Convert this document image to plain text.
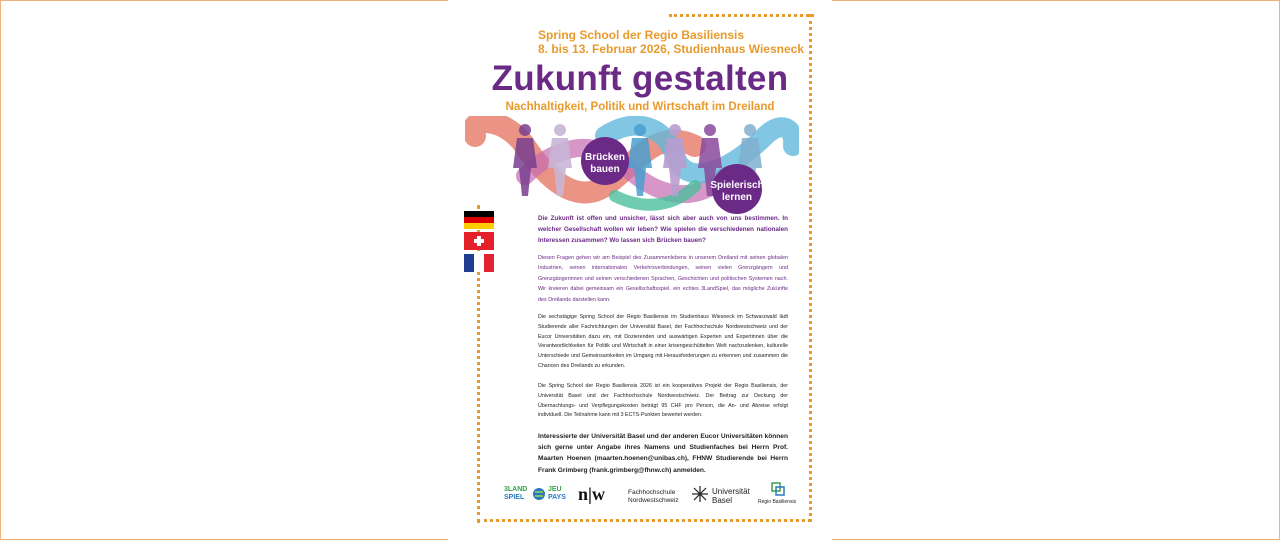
Spring School der Regio Basiliensis
8. bis 13. Februar 2026, Studienhaus Wiesneck
Zukunft gestalten
Nachhaltigkeit, Politik und Wirtschaft im Dreiland
Brücken
bauen
Spielerisch
lernen
Die Zukunft ist offen und unsicher, lässt sich aber auch von uns bestimmen. In welcher Gesellschaft wollen wir leben? Wie spielen die verschiedenen nationalen Interessen zusammen? Wo lassen sich Brücken bauen?
Diesen Fragen gehen wir am Beispiel des Zusammenlebens in unserem Dreiland mit seinen globalen Industrien, seinen internationalen Verkehrsverbindungen, seinen vielen Grenzgängern und Grenzgängerinnen und seinen verschiedenen Sprachen, Geschichten und politischen Systemen nach. Wir kreieren dabei gemeinsam ein Gesellschaftsspiel, ein echtes 3LandSpiel, das mögliche Zukünfte des Dreilands darstellen kann.
Die sechstägige Spring School der Regio Basiliensis im Studienhaus Wiesneck im Schwarzwald lädt Studierende aller Fachrichtungen der Universität Basel, der Fachhochschule Nordwestschweiz und der Eucor Universitäten dazu ein, mit Dozierenden und auswärtigen Experten und Expertinnen über die Verantwortlichkeiten für Politik und Wirtschaft in einer krisengeschüttelten Welt nachzudenken, kulturelle Unterschiede und Gemeinsamkeiten im Umgang mit Herausforderungen zu erkennen und zusammen die Chancen des Dreilands zu erkunden.
Die Spring School der Regio Basiliensis 2026 ist ein kooperatives Projekt der Regio Basiliensis, der Universität Basel und der Fachhochschule Nordwestschweiz. Der Beitrag zur Deckung der Übernachtungs- und Verpflegungskosten beträgt 95 CHF pro Person, die An- und Abreise erfolgt individuell. Die Teilnahme kann mit 3 ECTS-Punkten bewertet werden.
Interessierte der Universität Basel und der anderen Eucor Universitäten können sich gerne unter Angabe ihres Namens und Studienfaches bei Herrn Prof. Maarten Hoenen (maarten.hoenen@unibas.ch), FHNW Studierende bei Herrn Frank Grimberg (frank.grimberg@fhnw.ch) anmelden.
3LAND
SPIEL
JEU
PAYS n|w	Fachhochschule
Nordwestschweiz
Universität
Basel	Regio Basiliensis
